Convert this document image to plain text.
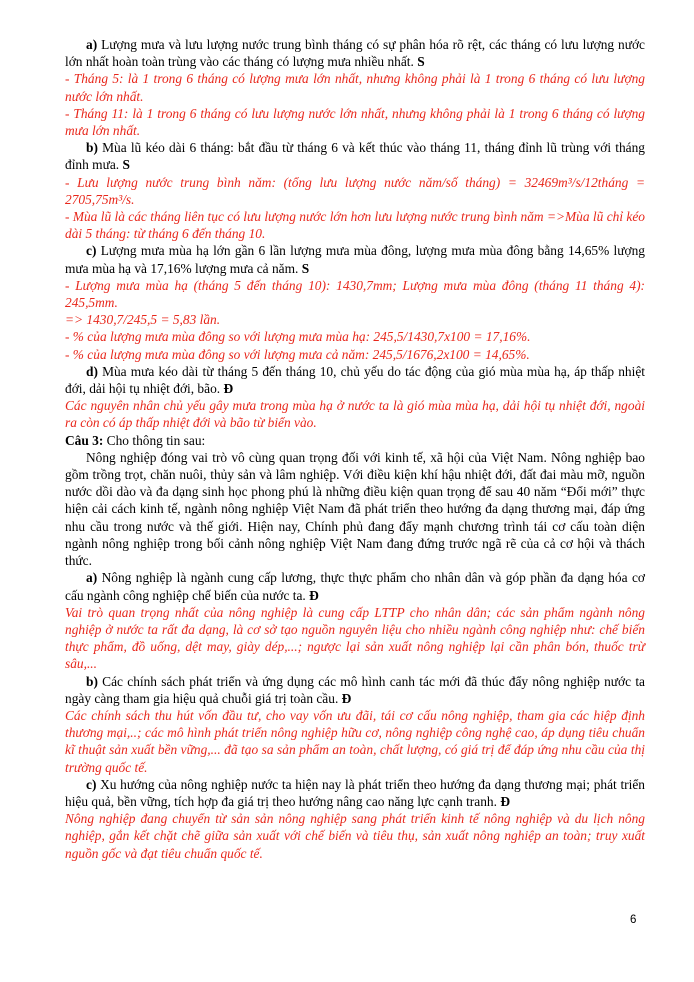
a) Lượng mưa và lưu lượng nước trung bình tháng có sự phân hóa rõ rệt, các tháng có lưu lượng nước lớn nhất hoàn toàn trùng vào các tháng có lượng mưa nhiều nhất. S

- Tháng 5: là 1 trong 6 tháng có lượng mưa lớn nhất, nhưng không phải là 1 trong 6 tháng có lưu lượng nước lớn nhất.

- Tháng 11: là 1 trong 6 tháng có lưu lượng nước lớn nhất, nhưng không phải là 1 trong 6 tháng có lượng mưa lớn nhất.

b) Mùa lũ kéo dài 6 tháng: bắt đầu từ tháng 6 và kết thúc vào tháng 11, tháng đỉnh lũ trùng với tháng đỉnh mưa. S

- Lưu lượng nước trung bình năm: (tổng lưu lượng nước năm/số tháng) = 32469m³/s/12tháng = 2705,75m³/s.

- Mùa lũ là các tháng liên tục có lưu lượng nước lớn hơn lưu lượng nước trung bình năm =>Mùa lũ chỉ kéo dài 5 tháng: từ tháng 6 đến tháng 10.

c) Lượng mưa mùa hạ lớn gần 6 lần lượng mưa mùa đông, lượng mưa mùa đông bằng 14,65% lượng mưa mùa hạ và 17,16% lượng mưa cả năm. S

- Lượng mưa mùa hạ (tháng 5 đến tháng 10): 1430,7mm; Lượng mưa mùa đông (tháng 11 tháng 4): 245,5mm.

=> 1430,7/245,5 = 5,83 lần.

- % của lượng mưa mùa đông so với lượng mưa mùa hạ: 245,5/1430,7x100 = 17,16%.

- % của lượng mưa mùa đông so với lượng mưa cả năm: 245,5/1676,2x100 = 14,65%.

d) Mùa mưa kéo dài từ tháng 5 đến tháng 10, chủ yếu do tác động của gió mùa mùa hạ, áp thấp nhiệt đới, dải hội tụ nhiệt đới, bão. Đ

Các nguyên nhân chủ yếu gây mưa trong mùa hạ ở nước ta là gió mùa mùa hạ, dải hội tụ nhiệt đới, ngoài ra còn có áp thấp nhiệt đới và bão từ biển vào.

Câu 3: Cho thông tin sau:

Nông nghiệp đóng vai trò vô cùng quan trọng đối với kinh tế, xã hội của Việt Nam. Nông nghiệp bao gồm trồng trọt, chăn nuôi, thủy sản và lâm nghiệp. Với điều kiện khí hậu nhiệt đới, đất đai màu mỡ, nguồn nước dồi dào và đa dạng sinh học phong phú là những điều kiện quan trọng để sau 40 năm “Đổi mới” thực hiện cải cách kinh tế, ngành nông nghiệp Việt Nam đã phát triển theo hướng đa dạng thương mại, đáp ứng nhu cầu trong nước và thế giới. Hiện nay, Chính phủ đang đẩy mạnh chương trình tái cơ cấu toàn diện ngành nông nghiệp trong bối cảnh nông nghiệp Việt Nam đang đứng trước ngã rẽ của cả cơ hội và thách thức.

a) Nông nghiệp là ngành cung cấp lương, thực thực phẩm cho nhân dân và góp phần đa dạng hóa cơ cấu ngành công nghiệp chế biến của nước ta. Đ

Vai trò quan trọng nhất của nông nghiệp là cung cấp LTTP cho nhân dân; các sản phẩm ngành nông nghiệp ở nước ta rất đa dạng, là cơ sở tạo nguồn nguyên liệu cho nhiều ngành công nghiệp như: chế biến thực phẩm, đồ uống, dệt may, giày dép,...; ngược lại sản xuất nông nghiệp lại cần phân bón, thuốc trừ sâu,...

b) Các chính sách phát triển và ứng dụng các mô hình canh tác mới đã thúc đẩy nông nghiệp nước ta ngày càng tham gia hiệu quả chuỗi giá trị toàn cầu. Đ

Các chính sách thu hút vốn đầu tư, cho vay vốn ưu đãi, tái cơ cấu nông nghiệp, tham gia các hiệp định thương mại,..; các mô hình phát triển nông nghiệp hữu cơ, nông nghiệp công nghệ cao, áp dụng tiêu chuẩn kĩ thuật sản xuất bền vững,... đã tạo sa sản phẩm an toàn, chất lượng, có giá trị để đáp ứng nhu cầu của thị trường quốc tế.

c) Xu hướng của nông nghiệp nước ta hiện nay là phát triển theo hướng đa dạng thương mại; phát triển hiệu quả, bền vững, tích hợp đa giá trị theo hướng nâng cao năng lực cạnh tranh. Đ

Nông nghiệp đang chuyển từ sản sản nông nghiệp sang phát triển kinh tế nông nghiệp và du lịch nông nghiệp, gắn kết chặt chẽ giữa sản xuất với chế biến và tiêu thụ, sản xuất nông nghiệp an toàn; truy xuất nguồn gốc và đạt tiêu chuẩn quốc tế.

6
